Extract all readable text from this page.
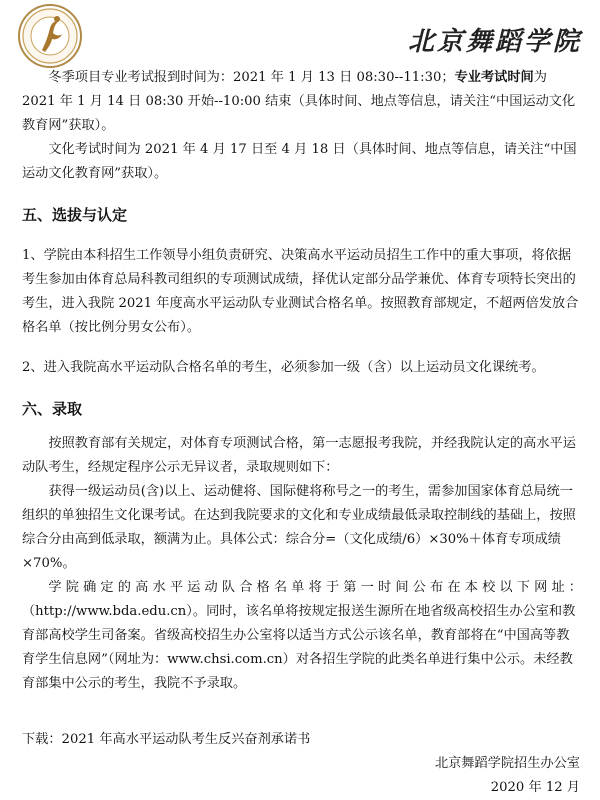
北京舞蹈学院

冬季项目专业考试报到时间为：2021 年 1 月 13 日 08:30--11:30；专业考试时间为 2021 年 1 月 14 日 08:30 开始--10:00 结束（具体时间、地点等信息，请关注“中国运动文化教育网”获取）。

文化考试时间为 2021 年 4 月 17 日至 4 月 18 日（具体时间、地点等信息，请关注“中国运动文化教育网”获取）。

五、选拔与认定

1、学院由本科招生工作领导小组负责研究、决策高水平运动员招生工作中的重大事项，将依据考生参加由体育总局科教司组织的专项测试成绩，择优认定部分品学兼优、体育专项特长突出的考生，进入我院 2021 年度高水平运动队专业测试合格名单。按照教育部规定，不超两倍发放合格名单（按比例分男女公布）。

2、进入我院高水平运动队合格名单的考生，必须参加一级（含）以上运动员文化课统考。

六、录取

按照教育部有关规定，对体育专项测试合格，第一志愿报考我院，并经我院认定的高水平运动队考生，经规定程序公示无异议者，录取规则如下：

获得一级运动员(含)以上、运动健将、国际健将称号之一的考生，需参加国家体育总局统一组织的单独招生文化课考试。在达到我院要求的文化和专业成绩最低录取控制线的基础上，按照综合分由高到低录取，额满为止。具体公式：综合分=（文化成绩/6）×30%＋体育专项成绩×70%。

学院确定的高水平运动队合格名单将于第一时间公布在本校以下网址：

（http://www.bda.edu.cn）。同时，该名单将按规定报送生源所在地省级高校招生办公室和教育部高校学生司备案。省级高校招生办公室将以适当方式公示该名单，教育部将在“中国高等教育学生信息网”（网址为：www.chsi.com.cn）对各招生学院的此类名单进行集中公示。未经教育部集中公示的考生，我院不予录取。

下载：2021 年高水平运动队考生反兴奋剂承诺书

北京舞蹈学院招生办公室

2020 年 12 月
